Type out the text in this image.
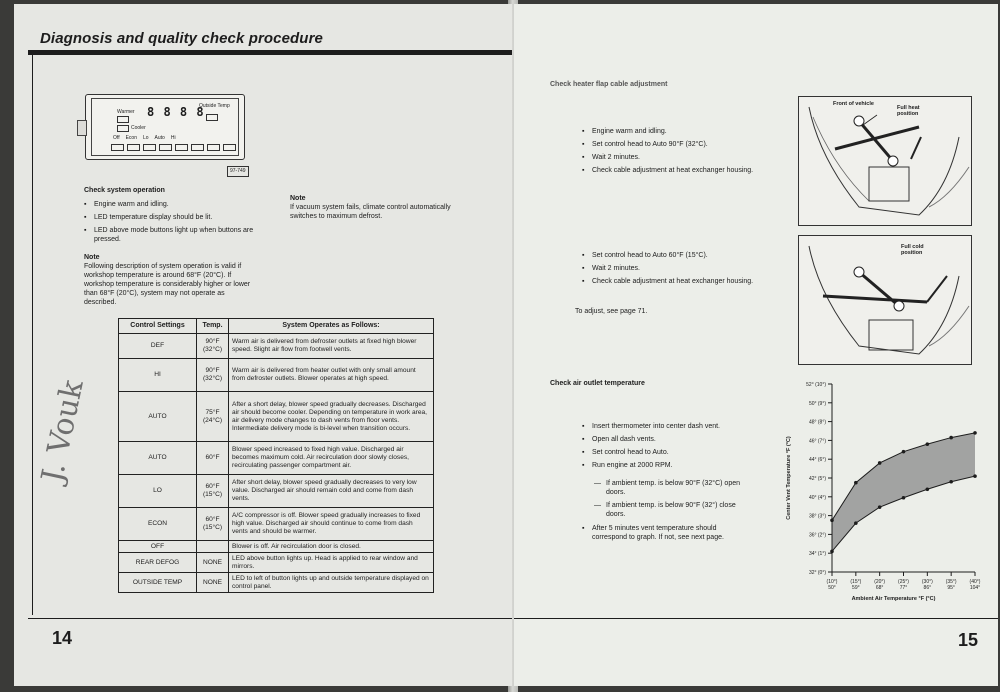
Diagnosis and quality check procedure
Warmer 8 8 8 8
Outside Temp
Cooler
Off Econ Lo Auto Hi
97-749
Check system operation
▪ Engine warm and idling.
▪ LED temperature display should be lit.
▪ LED above mode buttons light up when buttons are pressed.
Note
Following description of system operation is valid if workshop temperature is around 68°F (20°C). If workshop temperature is considerably higher or lower than 68°F (20°C), system may not operate as described.
Note
If vacuum system fails, climate control automatically switches to maximum defrost.
Control Settings	Temp.	System Operates as Follows:
DEF	90°F (32°C)	Warm air is delivered from defroster outlets at fixed high blower speed. Slight air flow from footwell vents.
HI	90°F (32°C)	Warm air is delivered from heater outlet with only small amount from defroster outlets. Blower operates at high speed.
AUTO	75°F (24°C)	After a short delay, blower speed gradually decreases. Discharged air should become cooler. Depending on temperature in work area, air delivery mode changes to dash vents from floor vents. Intermediate delivery mode is bi-level when transition occurs.
AUTO	60°F	Blower speed increased to fixed high value. Discharged air becomes maximum cold. Air recirculation door slowly closes, recirculating passenger compartment air.
LO	60°F (15°C)	After short delay, blower speed gradually decreases to very low value. Discharged air should remain cold and come from dash vents.
ECON	60°F (15°C)	A/C compressor is off. Blower speed gradually increases to fixed high value. Discharged air should continue to come from dash vents and should be warmer.
OFF		Blower is off. Air recirculation door is closed.
REAR DEFOG	NONE	LED above button lights up. Head is applied to rear window and mirrors.
OUTSIDE TEMP	NONE	LED to left of button lights up and outside temperature displayed on control panel.
J. Vouk
14
Check heater flap cable adjustment
▪ Engine warm and idling.
▪ Set control head to Auto 90°F (32°C).
▪ Wait 2 minutes.
▪ Check cable adjustment at heat exchanger housing.
▪ Set control head to Auto 60°F (15°C).
▪ Wait 2 minutes.
▪ Check cable adjustment at heat exchanger housing.
To adjust, see page 71.
Front of vehicle
Full heat position
Full cold position
Check air outlet temperature
▪ Insert thermometer into center dash vent.
▪ Open all dash vents.
▪ Set control head to Auto.
▪ Run engine at 2000 RPM.
— If ambient temp. is below 90°F (32°C) open doors.
— If ambient temp. is below 90°F (32°) close doors.
▪ After 5 minutes vent temperature should correspond to graph. If not, see next page.
32° (0°)
34° (1°)
36° (2°)
38° (3°)
40° (4°)
42° (5°)
44° (6°)
46° (7°)
48° (8°)
50° (9°)
52° (10°)
(10°)
50°
(15°)
59°
(20°)
68°
(25°)
77°
(30°)
86°
(35°)
95°
(40°)
104°
Center Vent Temperature °F (°C)
Ambient Air Temperature °F (°C)
15
